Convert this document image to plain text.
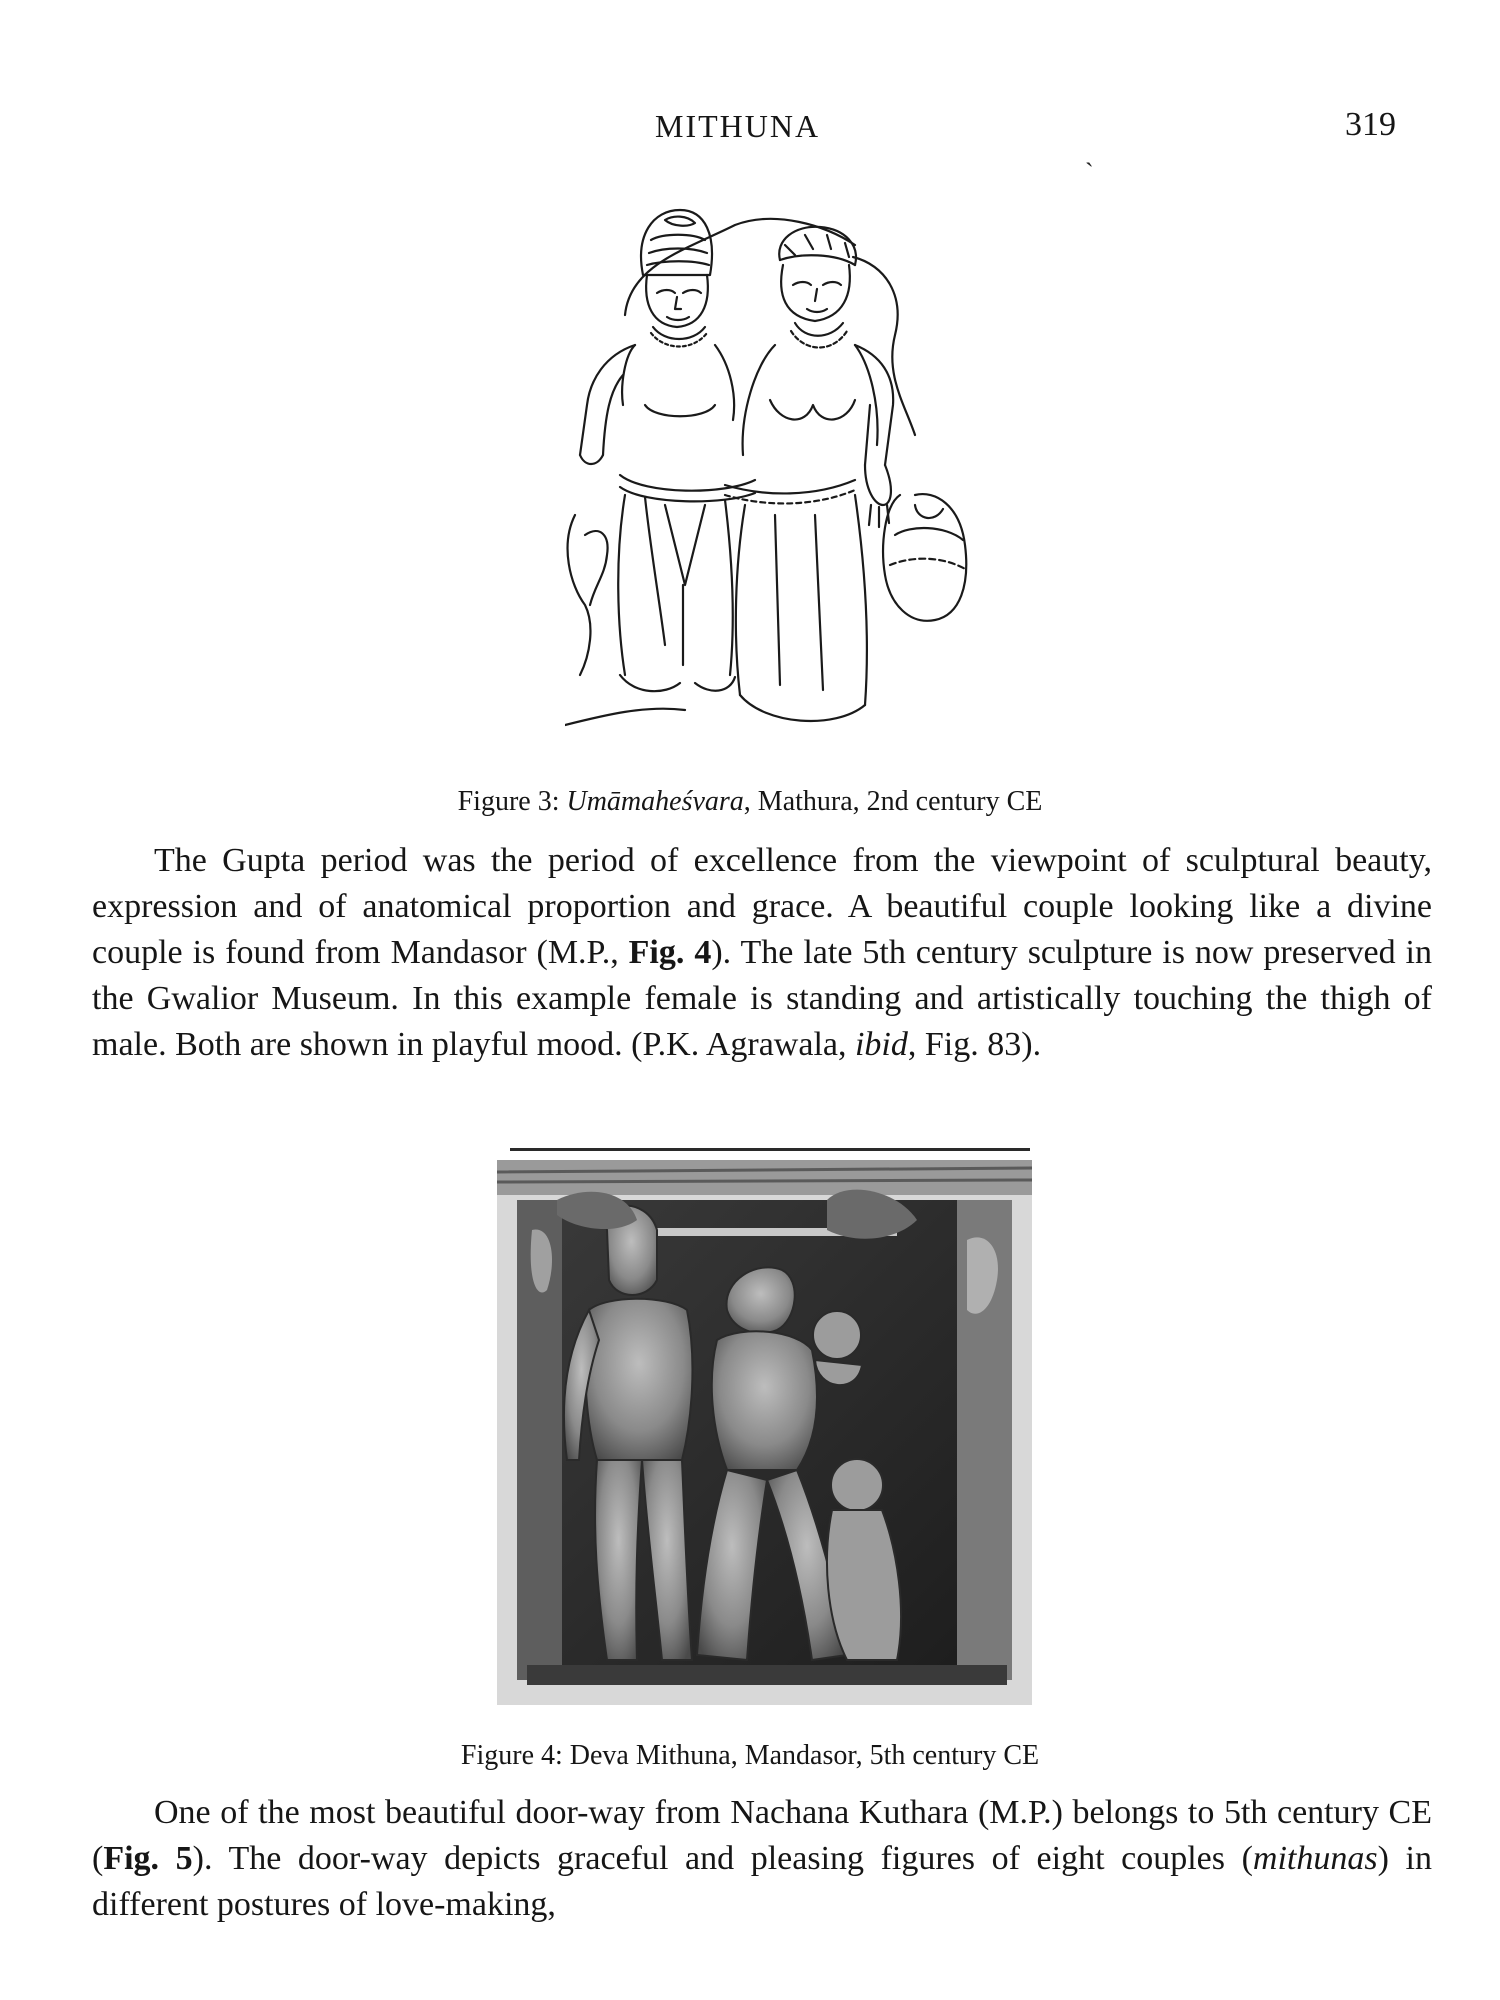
MITHUNA	319
ˏ
Figure 3: Umāmaheśvara, Mathura, 2nd century CE

The Gupta period was the period of excellence from the viewpoint of sculptural beauty, expression and of anatomical proportion and grace. A beautiful couple looking like a divine couple is found from Mandasor (M.P., Fig. 4). The late 5th century sculpture is now preserved in the Gwalior Museum. In this example female is standing and artistically touching the thigh of male. Both are shown in playful mood. (P.K. Agrawala, ibid, Fig. 83).

Figure 4: Deva Mithuna, Mandasor, 5th century CE

One of the most beautiful door-way from Nachana Kuthara (M.P.) belongs to 5th century CE (Fig. 5). The door-way depicts graceful and pleasing figures of eight couples (mithunas) in different postures of love-making,
